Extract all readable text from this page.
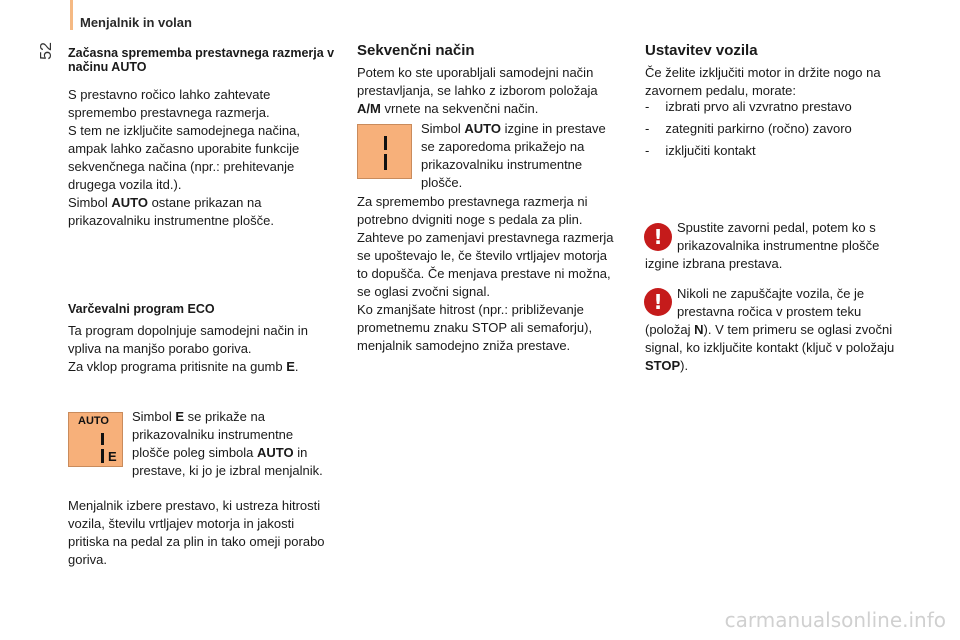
Menjalnik in volan
52 Začasna sprememba prestavnega razmerja v načinu AUTO
S prestavno ročico lahko zahtevate
spremembo prestavnega razmerja.
S tem ne izključite samodejnega načina,
ampak lahko začasno uporabite funkcije
sekvenčnega načina (npr.: prehitevanje
drugega vozila itd.).
Simbol AUTO ostane prikazan na
prikazovalniku instrumentne plošče.
Varčevalni program ECO
Ta program dopolnjuje samodejni način in
vpliva na manjšo porabo goriva.
Za vklop programa pritisnite na gumb E.
AUTO
E
Simbol E se prikaže na
prikazovalniku instrumentne
plošče poleg simbola AUTO in
prestave, ki jo je izbral menjalnik.
Menjalnik izbere prestavo, ki ustreza hitrosti
vozila, številu vrtljajev motorja in jakosti
pritiska na pedal za plin in tako omeji porabo
goriva.
Sekvenčni način
Potem ko ste uporabljali samodejni način
prestavljanja, se lahko z izborom položaja
A/M vrnete na sekvenčni način.
Simbol AUTO izgine in prestave
se zaporedoma prikažejo na
prikazovalniku instrumentne
plošče.
Za spremembo prestavnega razmerja ni
potrebno dvigniti noge s pedala za plin.
Zahteve po zamenjavi prestavnega razmerja
se upoštevajo le, če število vrtljajev motorja
to dopušča. Če menjava prestave ni možna,
se oglasi zvočni signal.
Ko zmanjšate hitrost (npr.: približevanje
prometnemu znaku STOP ali semaforju),
menjalnik samodejno zniža prestave.
Ustavitev vozila
Če želite izključiti motor in držite nogo na
zavornem pedalu, morate:
- izbrati prvo ali vzvratno prestavo
- zategniti parkirno (ročno) zavoro
- izključiti kontakt
!	Spustite zavorni pedal, potem ko s
prikazovalnika instrumentne plošče
izgine izbrana prestava.
!	Nikoli ne zapuščajte vozila, če je
prestavna ročica v prostem teku
(položaj N). V tem primeru se oglasi zvočni
signal, ko izključite kontakt (ključ v položaju
STOP).
carmanualsonline.info
